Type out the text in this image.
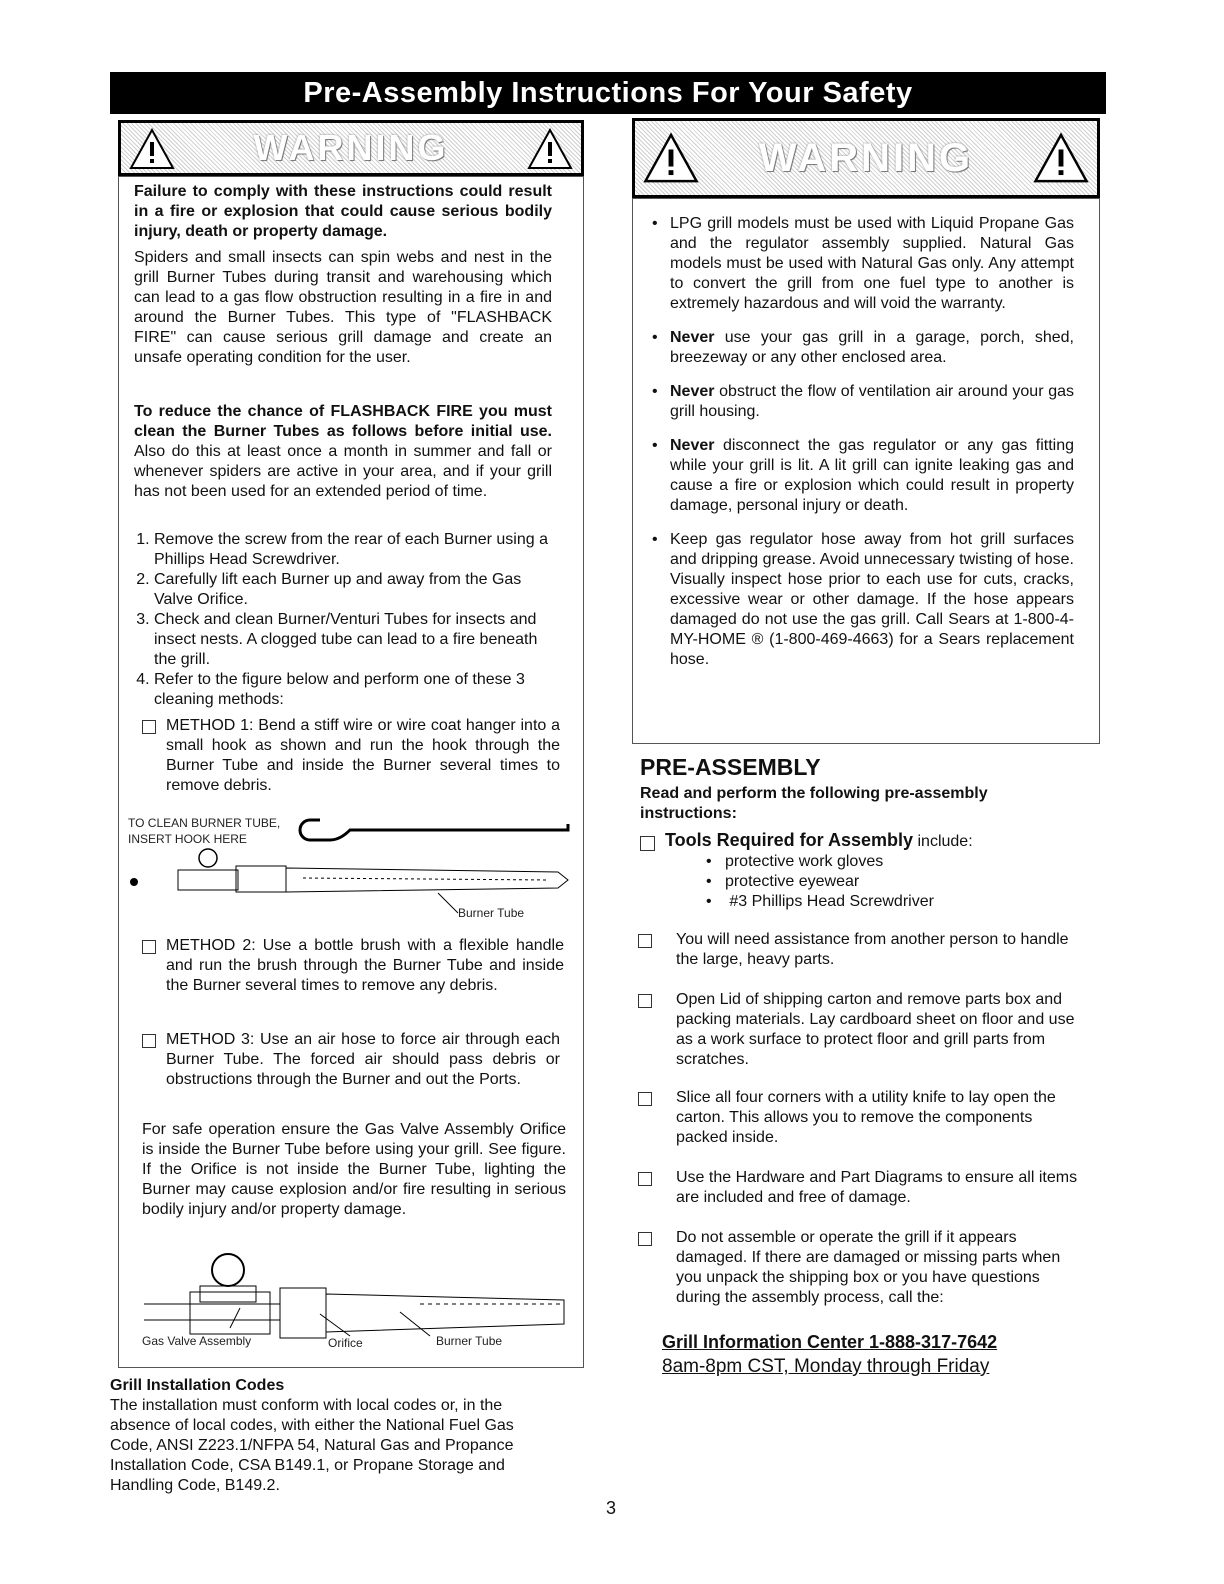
Pre-Assembly Instructions For Your Safety
WARNING
Failure to comply with these instructions could result in a fire or explosion that could cause serious bodily injury, death or property damage.
Spiders and small insects can spin webs and nest in the grill Burner Tubes during transit and warehousing which can lead to a gas flow obstruction resulting in a fire in and around the Burner Tubes. This type of "FLASHBACK FIRE" can cause serious grill damage and create an unsafe operating condition for the user.
To reduce the chance of FLASHBACK FIRE you must clean the Burner Tubes as follows before initial use. Also do this at least once a month in summer and fall or whenever spiders are active in your area, and if your grill has not been used for an extended period of time.
1. Remove the screw from the rear of each Burner using a Phillips Head Screwdriver.
2. Carefully lift each Burner up and away from the Gas Valve Orifice.
3. Check and clean Burner/Venturi Tubes for insects and insect nests. A clogged tube can lead to a fire beneath the grill.
4. Refer to the figure below and perform one of these 3 cleaning methods:
METHOD 1: Bend a stiff wire or wire coat hanger into a small hook as shown and run the hook through the Burner Tube and inside the Burner several times to remove debris.
TO CLEAN BURNER TUBE,
INSERT HOOK HERE
Burner Tube
METHOD 2: Use a bottle brush with a flexible handle and run the brush through the Burner Tube and inside the Burner several times to remove any debris.
METHOD 3: Use an air hose to force air through each Burner Tube. The forced air should pass debris or obstructions through the Burner and out the Ports.
For safe operation ensure the Gas Valve Assembly Orifice is inside the Burner Tube before using your grill. See figure. If the Orifice is not inside the Burner Tube, lighting the Burner may cause explosion and/or fire resulting in serious bodily injury and/or property damage.
Gas Valve Assembly	Orifice	Burner Tube
Grill Installation Codes
The installation must conform with local codes or, in the absence of local codes, with either the National Fuel Gas Code, ANSI Z223.1/NFPA 54, Natural Gas and Propance Installation Code, CSA B149.1, or Propane Storage and Handling Code, B149.2.
WARNING

• LPG grill models must be used with Liquid Propane Gas and the regulator assembly supplied. Natural Gas models must be used with Natural Gas only. Any attempt to convert the grill from one fuel type to another is extremely hazardous and will void the warranty.

• Never use your gas grill in a garage, porch, shed, breezeway or any other enclosed area.

• Never obstruct the flow of ventilation air around your gas grill housing.

• Never disconnect the gas regulator or any gas fitting while your grill is lit. A lit grill can ignite leaking gas and cause a fire or explosion which could result in property damage, personal injury or death.

• Keep gas regulator hose away from hot grill surfaces and dripping grease. Avoid unnecessary twisting of hose. Visually inspect hose prior to each use for cuts, cracks, excessive wear or other damage. If the hose appears damaged do not use the gas grill. Call Sears at 1-800-4-MY-HOME ® (1-800-469-4663) for a Sears replacement hose.

PRE-ASSEMBLY
Read and perform the following pre-assembly instructions:
Tools Required for Assembly include:
•   protective work gloves
•   protective eyewear
•    #3 Phillips Head Screwdriver
You will need assistance from another person to handle the large, heavy parts.
Open Lid of shipping carton and remove parts box and packing materials. Lay cardboard sheet on floor and use as a work surface to protect floor and grill parts from scratches.
Slice all four corners with a utility knife to lay open the carton. This allows you to remove the components packed inside.
Use the Hardware and Part Diagrams to ensure all items are included and free of damage.
Do not assemble or operate the grill if it appears damaged. If there are damaged or missing parts when you unpack the shipping box or you have questions during the assembly process, call the:
Grill Information Center 1-888-317-7642
8am-8pm CST, Monday through Friday
3
